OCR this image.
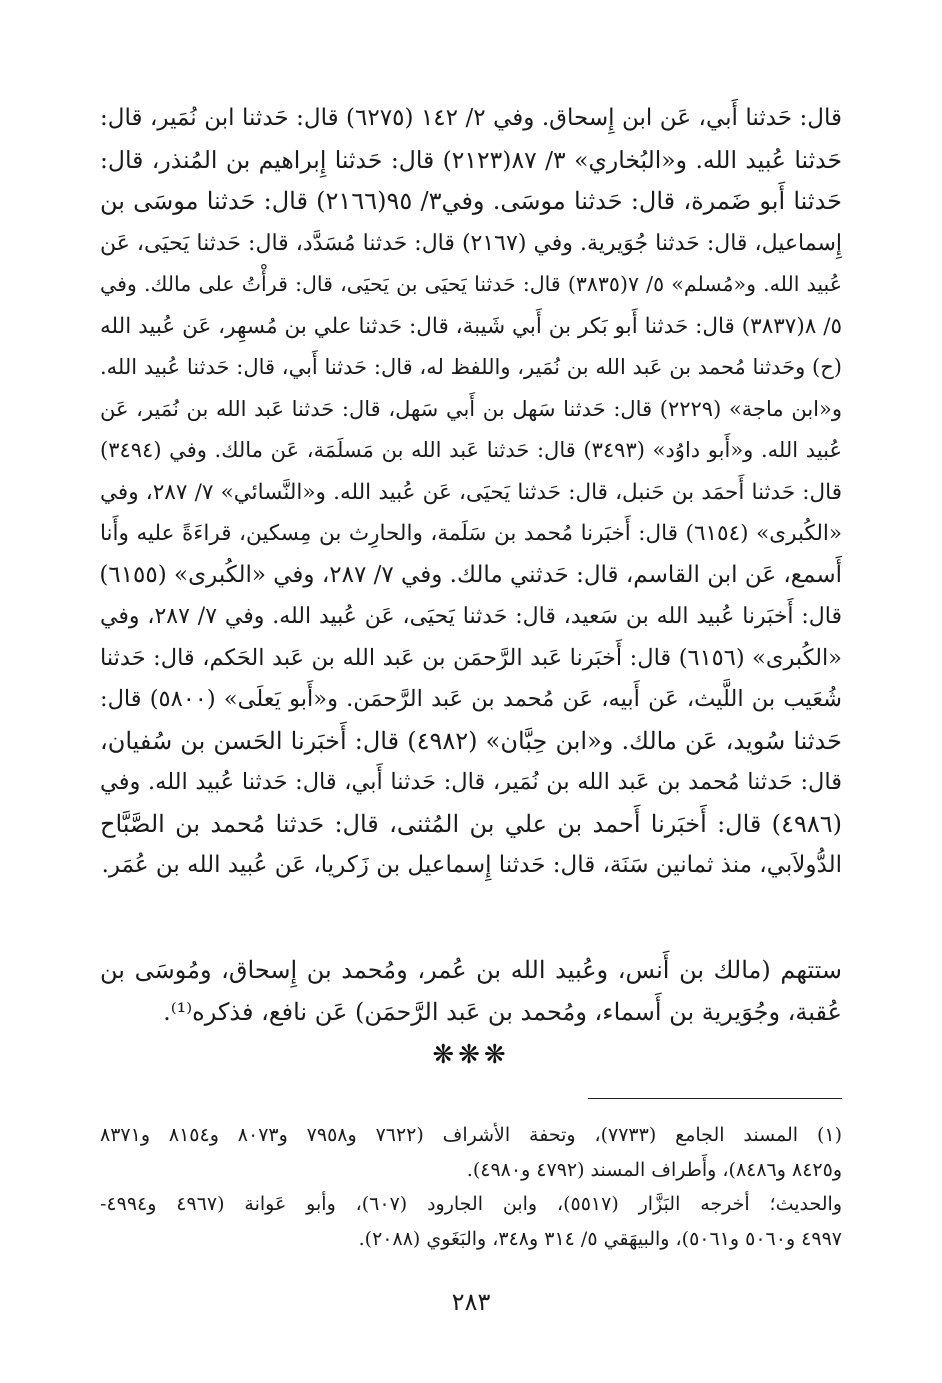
قال: حَدثنا أَبي، عَن ابن إِسحاق. وفي ٢/ ١٤٢ (٦٢٧٥) قال: حَدثنا ابن نُمَير، قال:
حَدثنا عُبيد الله. و«البُخاري» ٣/ ٨٧(٢١٢٣) قال: حَدثنا إِبراهيم بن المُنذر، قال:
حَدثنا أَبو ضَمرة، قال: حَدثنا موسَى. وفي٣/ ٩٥(٢١٦٦) قال: حَدثنا موسَى بن
إِسماعيل، قال: حَدثنا جُوَيرية. وفي (٢١٦٧) قال: حَدثنا مُسَدَّد، قال: حَدثنا يَحيَى، عَن
عُبيد الله. و«مُسلم» ٥/ ٧(٣٨٣٥) قال: حَدثنا يَحيَى بن يَحيَى، قال: قرأْتُ على مالك. وفي
٥/ ٨(٣٨٣٧) قال: حَدثنا أَبو بَكر بن أَبي شَيبة، قال: حَدثنا علي بن مُسهِر، عَن عُبيد الله
(ح) وحَدثنا مُحمد بن عَبد الله بن نُمَير، واللفظ له، قال: حَدثنا أَبي، قال: حَدثنا عُبيد الله.
و«ابن ماجة» (٢٢٢٩) قال: حَدثنا سَهل بن أَبي سَهل، قال: حَدثنا عَبد الله بن نُمَير، عَن
عُبيد الله. و«أَبو داوُد» (٣٤٩٣) قال: حَدثنا عَبد الله بن مَسلَمَة، عَن مالك. وفي (٣٤٩٤)
قال: حَدثنا أَحمَد بن حَنبل، قال: حَدثنا يَحيَى، عَن عُبيد الله. و«النَّسائي» ٧/ ٢٨٧، وفي
«الكُبرى» (٦١٥٤) قال: أَخبَرنا مُحمد بن سَلَمة، والحارِث بن مِسكين، قراءَةً عليه وأَنا
أَسمع، عَن ابن القاسم، قال: حَدثني مالك. وفي ٧/ ٢٨٧، وفي «الكُبرى» (٦١٥٥)
قال: أَخبَرنا عُبيد الله بن سَعيد، قال: حَدثنا يَحيَى، عَن عُبيد الله. وفي ٧/ ٢٨٧، وفي
«الكُبرى» (٦١٥٦) قال: أَخبَرنا عَبد الرَّحمَن بن عَبد الله بن عَبد الحَكم، قال: حَدثنا
شُعَيب بن اللَّيث، عَن أَبيه، عَن مُحمد بن عَبد الرَّحمَن. و«أَبو يَعلَى» (٥٨٠٠) قال:
حَدثنا سُويد، عَن مالك. و«ابن حِبَّان» (٤٩٨٢) قال: أَخبَرنا الحَسن بن سُفيان،
قال: حَدثنا مُحمد بن عَبد الله بن نُمَير، قال: حَدثنا أَبي، قال: حَدثنا عُبيد الله. وفي
(٤٩٨٦) قال: أَخبَرنا أَحمد بن علي بن المُثنى، قال: حَدثنا مُحمد بن الصَّبَّاح
الدُّولاَبي، منذ ثمانين سَنَة، قال: حَدثنا إِسماعيل بن زَكريا، عَن عُبيد الله بن عُمَر.
ستتهم (مالك بن أَنس، وعُبيد الله بن عُمر، ومُحمد بن إِسحاق، ومُوسَى بن
عُقبة، وجُوَيرية بن أَسماء، ومُحمد بن عَبد الرَّحمَن) عَن نافع، فذكره⁽¹⁾.
❋❋❋
(١) المسند الجامع (٧٧٣٣)، وتحفة الأشراف (٧٦٢٢ و٧٩٥٨ و٨٠٧٣ و٨١٥٤ و٨٣٧١
و٨٤٢٥ و٨٤٨٦)، وأَطراف المسند (٤٧٩٢ و٤٩٨٠).
والحديث؛ أخرجه البَزَّار (٥٥١٧)، وابن الجارود (٦٠٧)، وأبو عَوانة (٤٩٦٧ و٤٩٩٤-
٤٩٩٧ و٥٠٦٠ و٥٠٦١)، والبيهَقي ٥/ ٣١٤ و٣٤٨، والبَغَوي (٢٠٨٨).
٢٨٣
